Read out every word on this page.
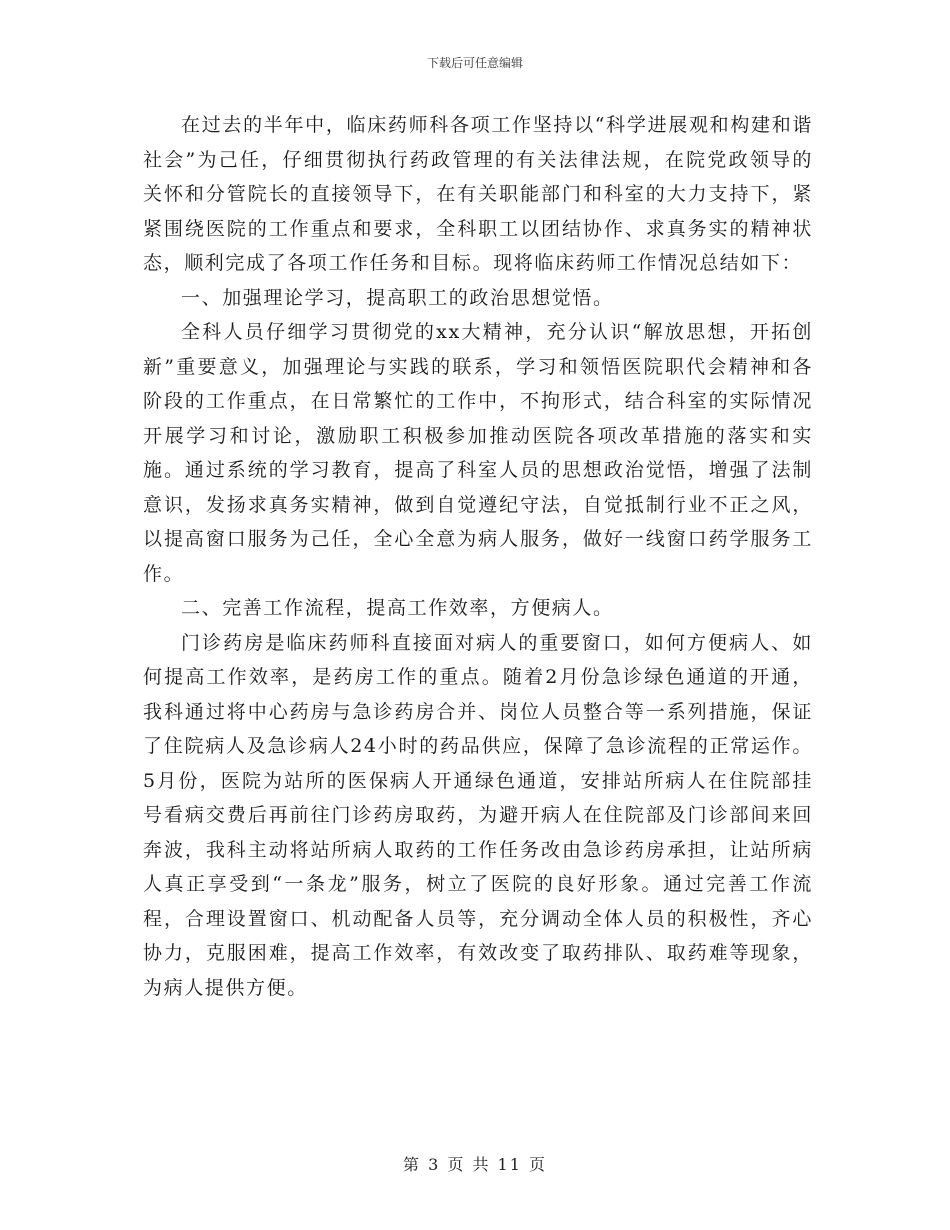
下载后可任意编辑

在过去的半年中，临床药师科各项工作坚持以“科学进展观和构建和谐社会”为己任，仔细贯彻执行药政管理的有关法律法规，在院党政领导的关怀和分管院长的直接领导下，在有关职能部门和科室的大力支持下，紧紧围绕医院的工作重点和要求，全科职工以团结协作、求真务实的精神状态，顺利完成了各项工作任务和目标。现将临床药师工作情况总结如下：

一、加强理论学习，提高职工的政治思想觉悟。

全科人员仔细学习贯彻党的xx大精神，充分认识“解放思想，开拓创新”重要意义，加强理论与实践的联系，学习和领悟医院职代会精神和各阶段的工作重点，在日常繁忙的工作中，不拘形式，结合科室的实际情况开展学习和讨论，激励职工积极参加推动医院各项改革措施的落实和实施。通过系统的学习教育，提高了科室人员的思想政治觉悟，增强了法制意识，发扬求真务实精神，做到自觉遵纪守法，自觉抵制行业不正之风，以提高窗口服务为己任，全心全意为病人服务，做好一线窗口药学服务工作。

二、完善工作流程，提高工作效率，方便病人。

门诊药房是临床药师科直接面对病人的重要窗口，如何方便病人、如何提高工作效率，是药房工作的重点。随着2月份急诊绿色通道的开通，我科通过将中心药房与急诊药房合并、岗位人员整合等一系列措施，保证了住院病人及急诊病人24小时的药品供应，保障了急诊流程的正常运作。5月份，医院为站所的医保病人开通绿色通道，安排站所病人在住院部挂号看病交费后再前往门诊药房取药，为避开病人在住院部及门诊部间来回奔波，我科主动将站所病人取药的工作任务改由急诊药房承担，让站所病人真正享受到“一条龙”服务，树立了医院的良好形象。通过完善工作流程，合理设置窗口、机动配备人员等，充分调动全体人员的积极性，齐心协力，克服困难，提高工作效率，有效改变了取药排队、取药难等现象，为病人提供方便。

第 3 页 共 11 页
